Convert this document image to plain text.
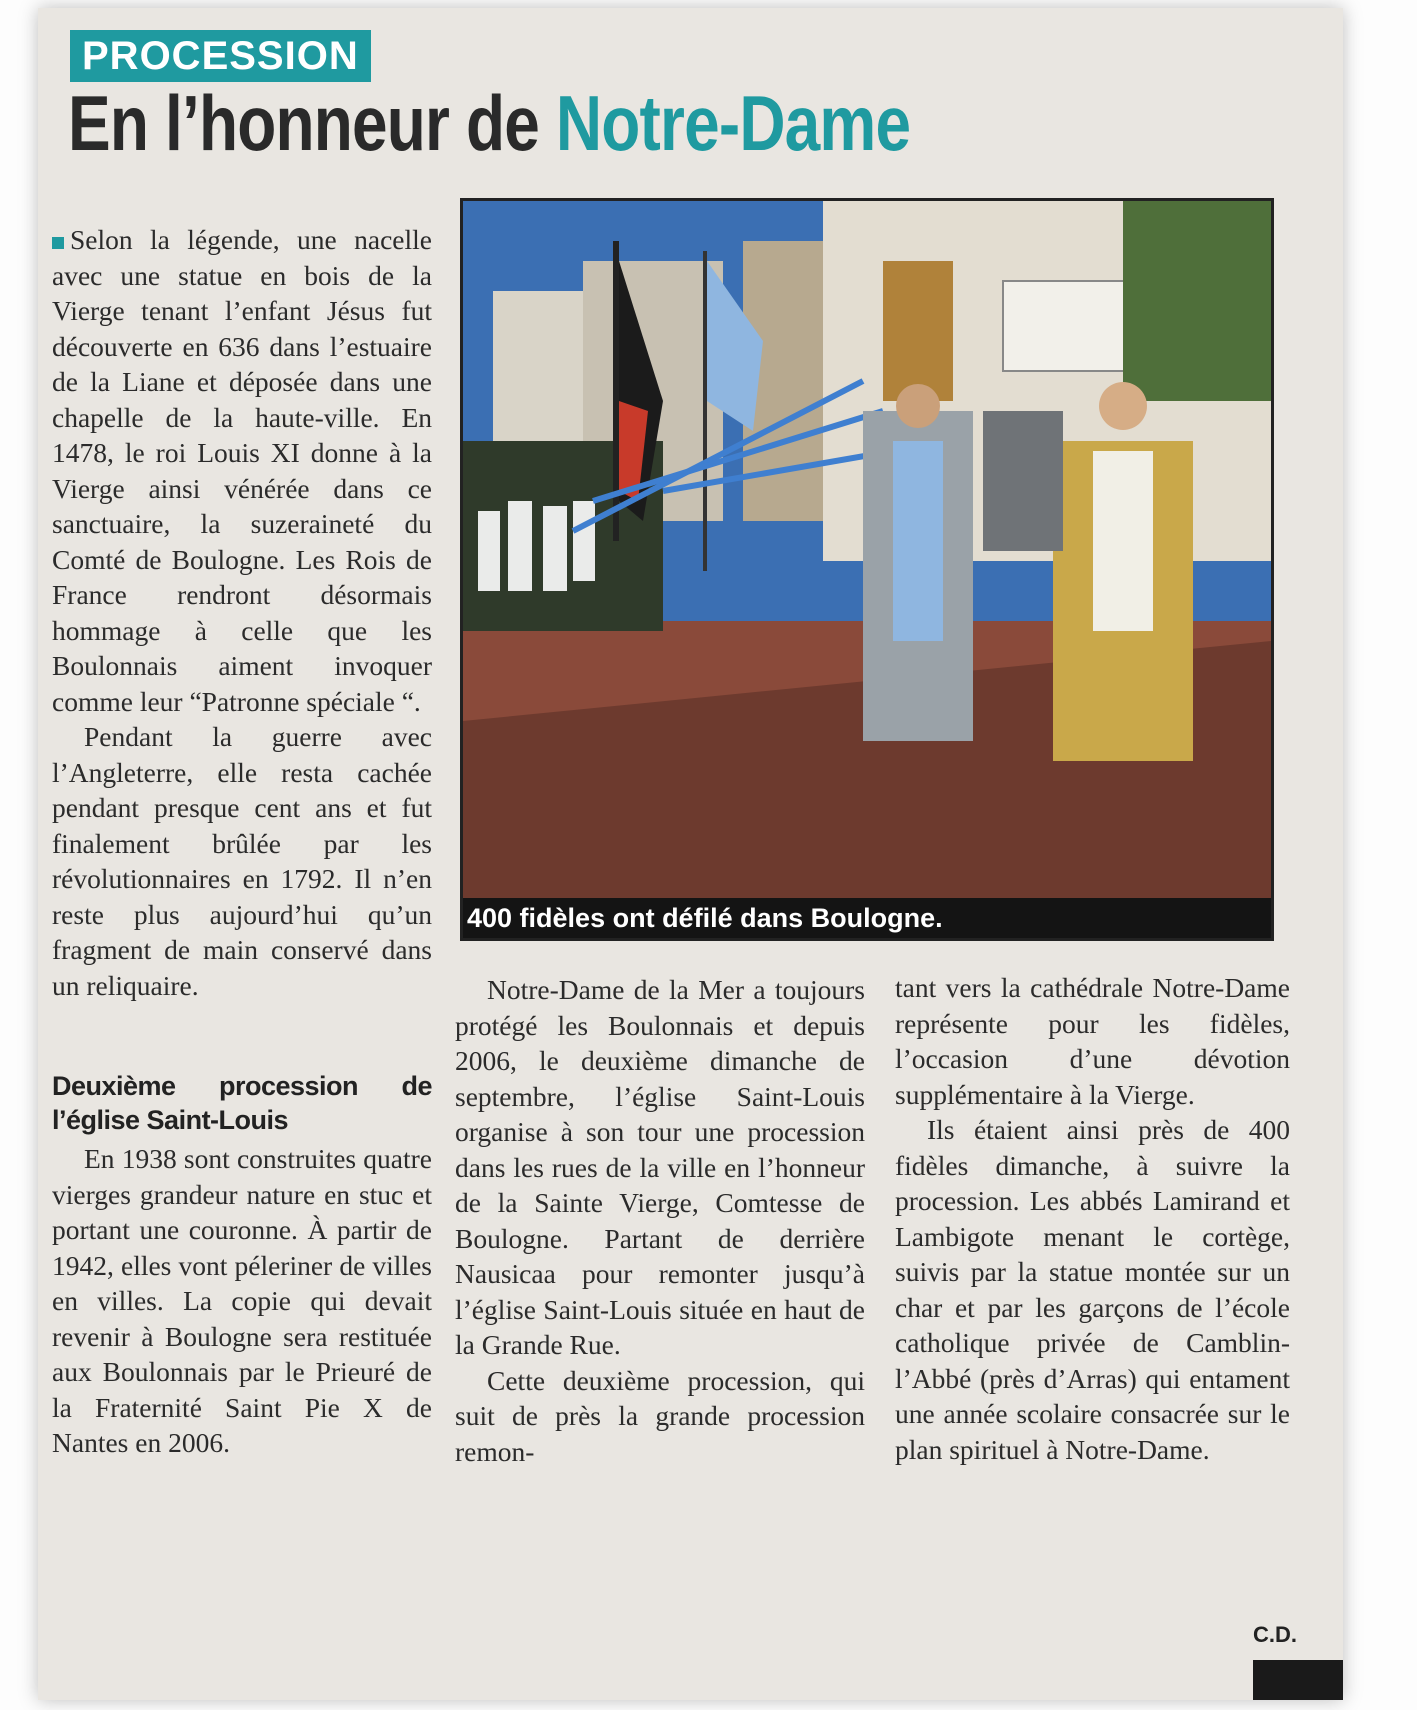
PROCESSION
En l’honneur de Notre-Dame

Selon la légende, une nacelle avec une statue en bois de la Vierge tenant l’enfant Jésus fut découverte en 636 dans l’estuaire de la Liane et déposée dans une chapelle de la haute-ville. En 1478, le roi Louis XI donne à la Vierge ainsi vénérée dans ce sanctuaire, la suzeraineté du Comté de Boulogne. Les Rois de France rendront désormais hommage à celle que les Boulonnais aiment invoquer comme leur “Patronne spéciale “.

Pendant la guerre avec l’Angleterre, elle resta cachée pendant presque cent ans et fut finalement brûlée par les révolutionnaires en 1792. Il n’en reste plus aujourd’hui qu’un fragment de main conservé dans un reliquaire.

Deuxième procession de l’église Saint-Louis

En 1938 sont construites quatre vierges grandeur nature en stuc et portant une couronne. À partir de 1942, elles vont péleriner de villes en villes. La copie qui devait revenir à Boulogne sera restituée aux Boulonnais par le Prieuré de la Fraternité Saint Pie X de Nantes en 2006.

400 fidèles ont défilé dans Boulogne.

Notre-Dame de la Mer a toujours protégé les Boulonnais et depuis 2006, le deuxième dimanche de septembre, l’église Saint-Louis organise à son tour une procession dans les rues de la ville en l’honneur de la Sainte Vierge, Comtesse de Boulogne. Partant de derrière Nausicaa pour remonter jusqu’à l’église Saint-Louis située en haut de la Grande Rue.

Cette deuxième procession, qui suit de près la grande procession remon-

tant vers la cathédrale Notre-Dame représente pour les fidèles, l’occasion d’une dévotion supplémentaire à la Vierge.

Ils étaient ainsi près de 400 fidèles dimanche, à suivre la procession. Les abbés Lamirand et Lambigote menant le cortège, suivis par la statue montée sur un char et par les garçons de l’école catholique privée de Camblin-l’Abbé (près d’Arras) qui entament une année scolaire consacrée sur le plan spirituel à Notre-Dame.

C.D.
